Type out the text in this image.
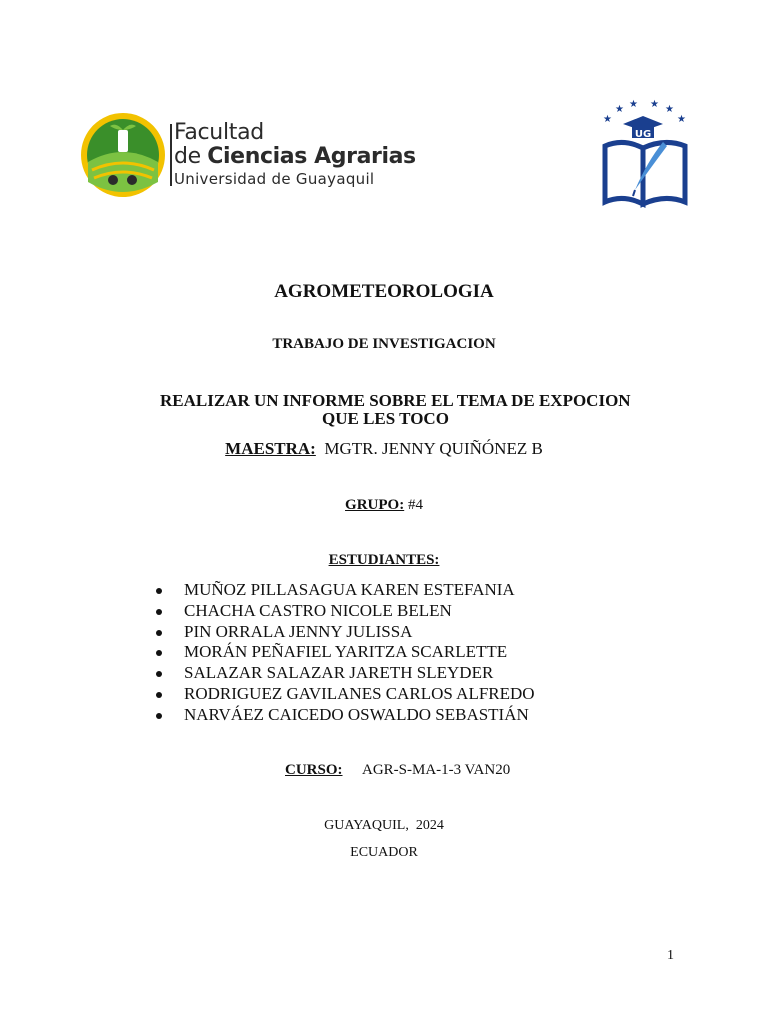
Facultad
de Ciencias Agrarias
Universidad de Guayaquil
★
★ ★ ★ ★
★
UG
AGROMETEOROLOGIA
TRABAJO DE INVESTIGACION
REALIZAR UN INFORME SOBRE EL TEMA DE EXPOCION
QUE LES TOCO
MAESTRA: MGTR. JENNY QUIÑÓNEZ B
GRUPO: #4
ESTUDIANTES:
MUÑOZ PILLASAGUA KAREN ESTEFANIA
CHACHA CASTRO NICOLE BELEN
PIN ORRALA JENNY JULISSA
MORÁN PEÑAFIEL YARITZA SCARLETTE
SALAZAR SALAZAR JARETH SLEYDER
RODRIGUEZ GAVILANES CARLOS ALFREDO
NARVÁEZ CAICEDO OSWALDO SEBASTIÁN
CURSO: AGR-S-MA-1-3 VAN20
GUAYAQUIL,  2024
ECUADOR
1
